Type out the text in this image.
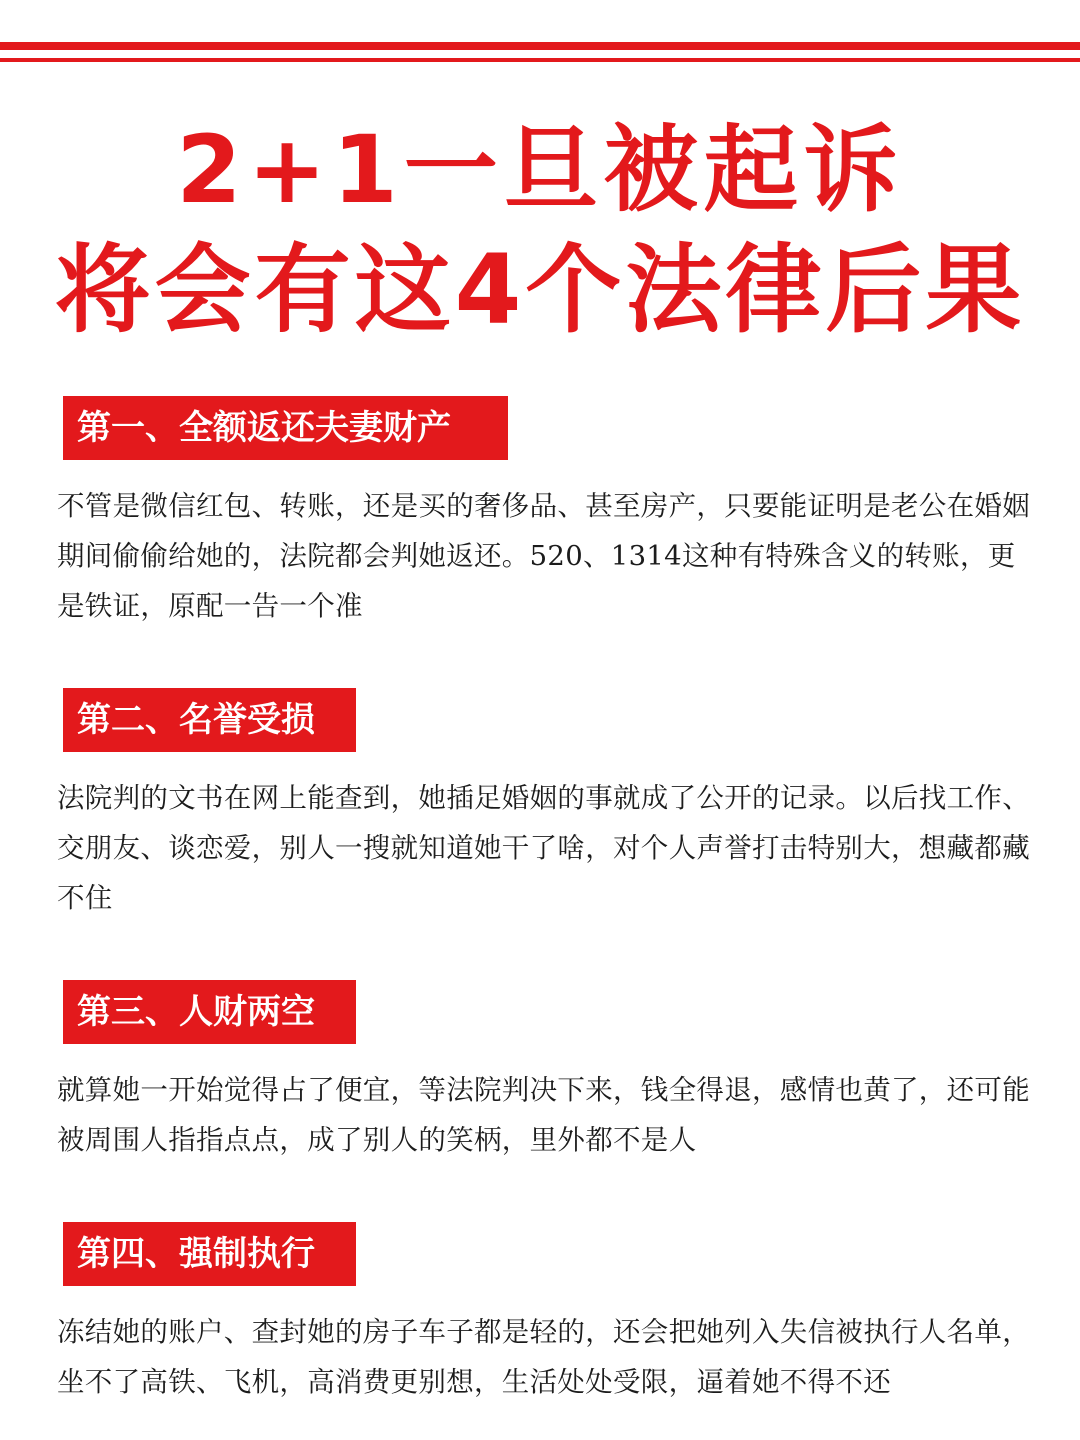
2+1一旦被起诉
将会有这4个法律后果
第一、全额返还夫妻财产

不管是微信红包、转账，还是买的奢侈品、甚至房产，只要能证明是老公在婚姻期间偷偷给她的，法院都会判她返还。520、1314这种有特殊含义的转账，更是铁证，原配一告一个准

第二、名誉受损

法院判的文书在网上能查到，她插足婚姻的事就成了公开的记录。以后找工作、交朋友、谈恋爱，别人一搜就知道她干了啥，对个人声誉打击特别大，想藏都藏不住

第三、人财两空

就算她一开始觉得占了便宜，等法院判决下来，钱全得退，感情也黄了，还可能被周围人指指点点，成了别人的笑柄，里外都不是人

第四、强制执行

冻结她的账户、查封她的房子车子都是轻的，还会把她列入失信被执行人名单，坐不了高铁、飞机，高消费更别想，生活处处受限，逼着她不得不还
